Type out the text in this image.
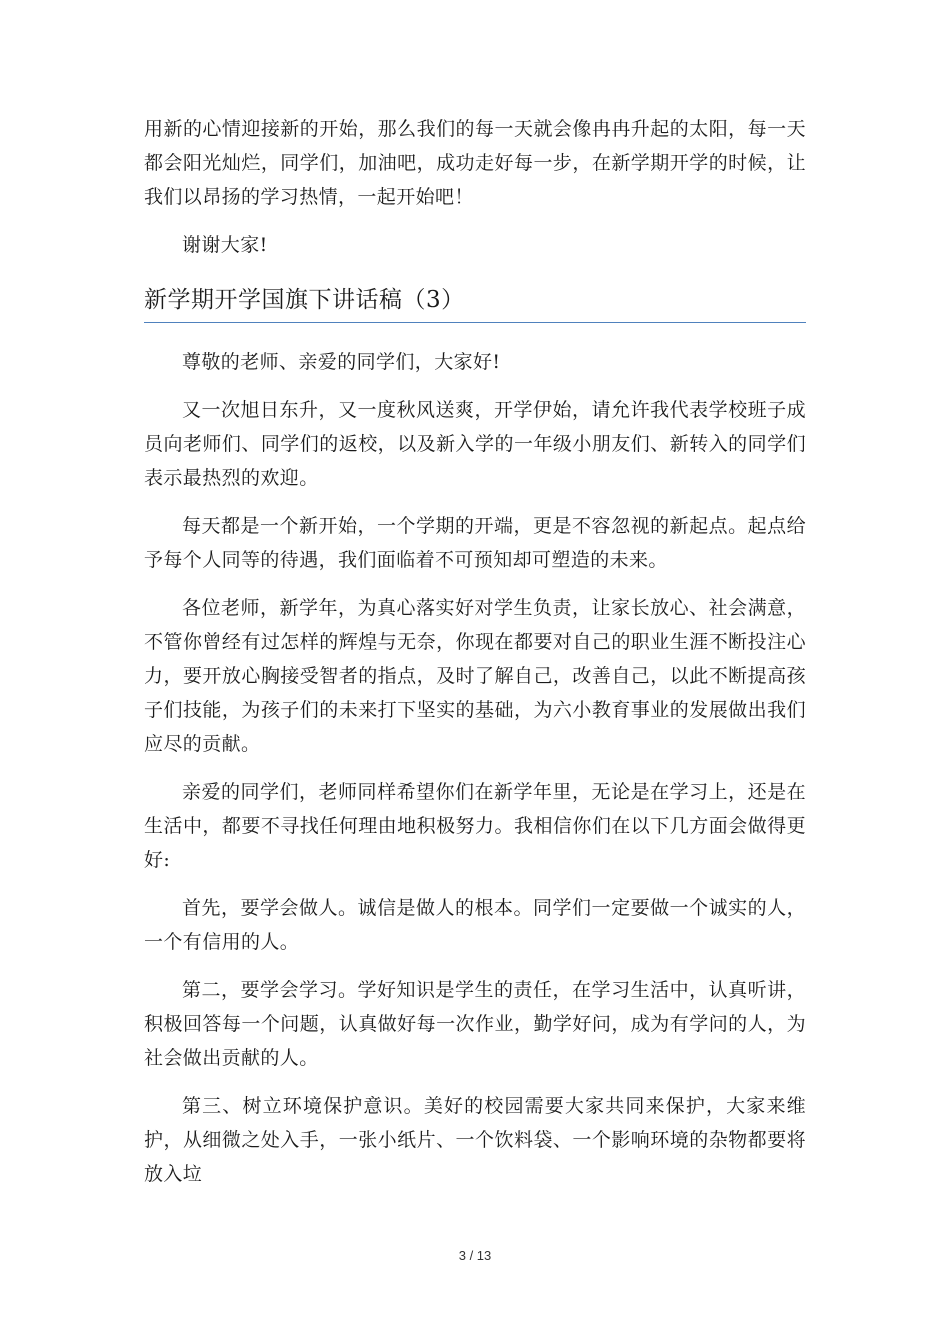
用新的心情迎接新的开始，那么我们的每一天就会像冉冉升起的太阳，每一天都会阳光灿烂，同学们，加油吧，成功走好每一步，在新学期开学的时候，让我们以昂扬的学习热情，一起开始吧！

谢谢大家!

新学期开学国旗下讲话稿（3）

尊敬的老师、亲爱的同学们，大家好!

又一次旭日东升，又一度秋风送爽，开学伊始，请允许我代表学校班子成员向老师们、同学们的返校，以及新入学的一年级小朋友们、新转入的同学们表示最热烈的欢迎。

每天都是一个新开始，一个学期的开端，更是不容忽视的新起点。起点给予每个人同等的待遇，我们面临着不可预知却可塑造的未来。

各位老师，新学年，为真心落实好对学生负责，让家长放心、社会满意，不管你曾经有过怎样的辉煌与无奈，你现在都要对自己的职业生涯不断投注心力，要开放心胸接受智者的指点，及时了解自己，改善自己，以此不断提高孩子们技能，为孩子们的未来打下坚实的基础，为六小教育事业的发展做出我们应尽的贡献。

亲爱的同学们，老师同样希望你们在新学年里，无论是在学习上，还是在生活中，都要不寻找任何理由地积极努力。我相信你们在以下几方面会做得更好:

首先，要学会做人。诚信是做人的根本。同学们一定要做一个诚实的人，一个有信用的人。

第二，要学会学习。学好知识是学生的责任，在学习生活中，认真听讲，积极回答每一个问题，认真做好每一次作业，勤学好问，成为有学问的人，为社会做出贡献的人。

第三、树立环境保护意识。美好的校园需要大家共同来保护，大家来维护，从细微之处入手，一张小纸片、一个饮料袋、一个影响环境的杂物都要将放入垃

3 / 13
